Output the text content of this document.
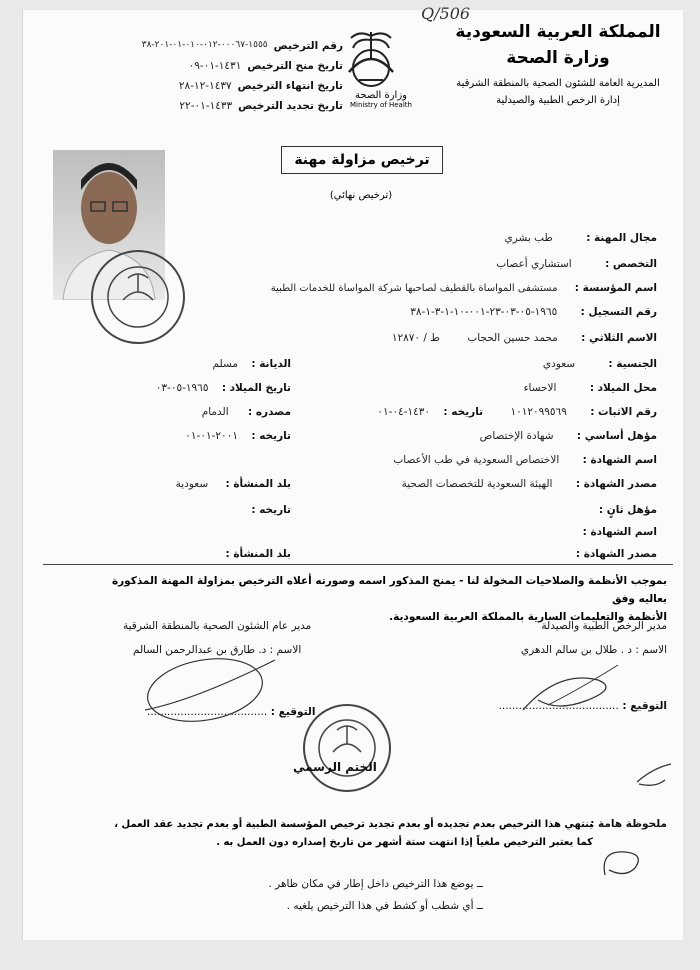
Q/506
المملكة العربية السعودية
وزارة الصحة
المديرية العامة للشئون الصحية بالمنطقة الشرقية
إدارة الرخص الطبية والصيدلية
وزارة الصحة
Ministry of Health
رقم الترخيص
١٥٥٥-٠٠٠٦٧-٠١٢-٠١٠-٠١-٢٠١-٣٨
تاريخ منح الترخيص
١٤٣١-٠١-٠٩
تاريخ انتهاء الترخيص
١٤٣٧-١٢-٢٨
تاريخ تجديد الترخيص
١٤٣٣-٠١-٢٢
ترخيص مزاولة مهنة
(ترخيص نهائي)
مجال المهنة : طب بشري
التخصص : استشاري أعصاب
اسم المؤسسة : مستشفى المواساة بالقطيف لصاحبها شركة المواساة للخدمات الطبية
رقم التسجيل : ١٩٦٥-٠٥-٠٣-٢٣-٠٠١-١٠-١-٣-١-٣٨
الاسم الثلاثي : محمد حسين الحجاب ط / ١٢٨٧٠
الجنسية : سعودي
محل الميلاد : الاحساء
رقم الاثبات : ١٠١٢٠٩٩٥٦٩ تاريخه : ١٤٣٠-٠٤-٠١
مؤهل أساسي : شهادة الإختصاص
اسم الشهادة : الاختصاص السعودية في طب الأعصاب
مصدر الشهادة : الهيئة السعودية للتخصصات الصحية
مؤهل ثانٍ :
اسم الشهادة :
مصدر الشهادة :
الديانة : مسلم
تاريخ الميلاد : ١٩٦٥-٠٥-٠٣
مصدره : الدمام
تاريخه : ٢٠٠١-٠١-٠١
بلد المنشأة : سعودية
تاريخه :
بلد المنشأة :
بموجب الأنظمة والصلاحيات المخولة لنا - يمنح المذكور اسمه وصورته أعلاه الترخيص بمزاولة المهنة المذكورة بعاليه وفق
الأنظمة والتعليمات السارية بالمملكة العربية السعودية.
مدير الرخص الطبية والصيدلة
الاسم : د . طلال بن سالم الدهري
التوقيع : ....................................
مدير عام الشئون الصحية بالمنطقة الشرقية
الاسم : د. طارق بن عبدالرحمن السالم
التوقيع : ....................................
الختم الرسمي
ملحوظة هامة :
ينتهي هذا الترخيص بعدم تجديده أو بعدم تجديد ترخيص المؤسسة الطبية أو بعدم تجديد عقد العمل ،
كما يعتبر الترخيص ملغياً إذا انتهت ستة أشهر من تاريخ إصداره دون العمل به .
ــ يوضع هذا الترخيص داخل إطار في مكان ظاهر .
ــ أي شطب أو كشط في هذا الترخيص يلغيه .
